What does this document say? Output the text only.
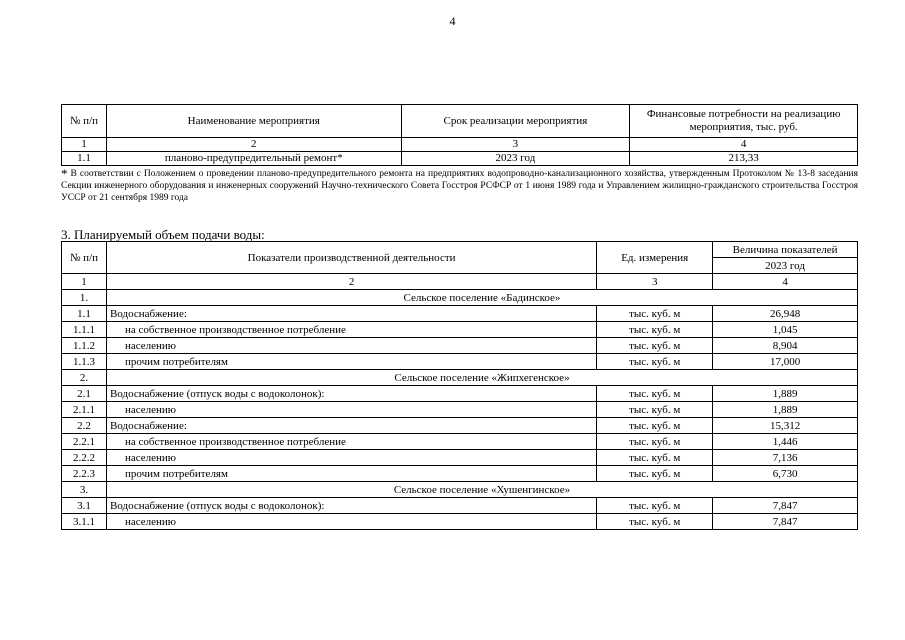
4
№ п/п	Наименование мероприятия	Срок реализации мероприятия	Финансовые потребности на реализацию мероприятия, тыс. руб.
1	2	3	4
1.1	планово-предупредительный ремонт*	2023 год	213,33
* В соответствии с Положением о проведении планово-предупредительного ремонта на предприятиях водопроводно-канализационного хозяйства, утвержденным Протоколом № 13-8 заседания Секции инженерного оборудования и инженерных сооружений Научно-технического Совета Госстроя РСФСР от 1 июня 1989 года и Управлением жилищно-гражданского строительства Госстроя УССР от 21 сентября 1989 года
3. Планируемый объем подачи воды:
№ п/п	Показатели производственной деятельности	Ед. измерения	Величина показателей
			2023 год
1	2	3	4
1.	Сельское поселение «Бадинское»		
1.1	Водоснабжение:	тыс. куб. м	26,948
1.1.1	на собственное производственное потребление	тыс. куб. м	1,045
1.1.2	населению	тыс. куб. м	8,904
1.1.3	прочим потребителям	тыс. куб. м	17,000
2.	Сельское поселение «Жипхегенское»		
2.1	Водоснабжение (отпуск воды с водоколонок):	тыс. куб. м	1,889
2.1.1	населению	тыс. куб. м	1,889
2.2	Водоснабжение:	тыс. куб. м	15,312
2.2.1	на собственное производственное потребление	тыс. куб. м	1,446
2.2.2	населению	тыс. куб. м	7,136
2.2.3	прочим потребителям	тыс. куб. м	6,730
3.	Сельское поселение «Хушенгинское»		
3.1	Водоснабжение (отпуск воды с водоколонок):	тыс. куб. м	7,847
3.1.1	населению	тыс. куб. м	7,847
